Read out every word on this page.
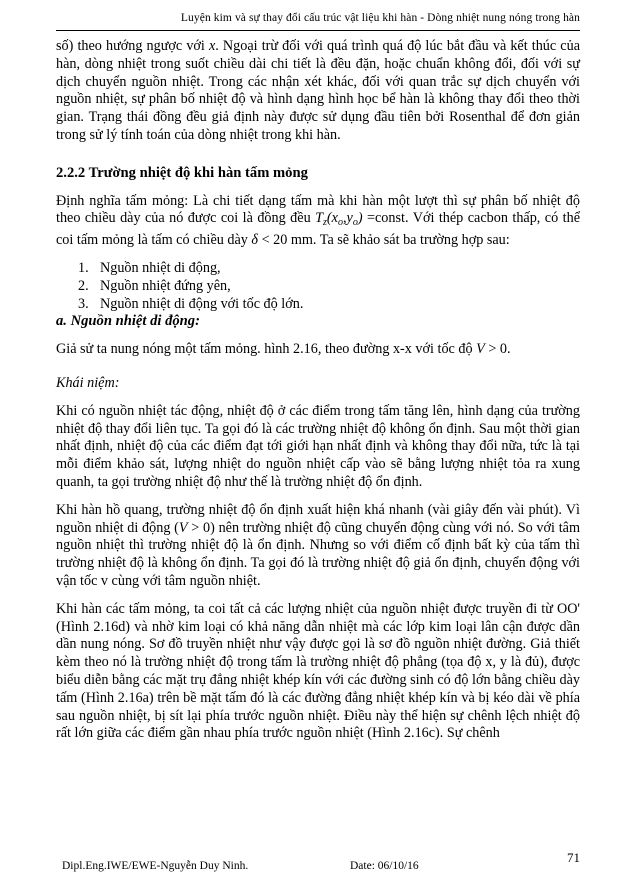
Luyện kim và sự thay đổi cấu trúc vật liệu khi hàn - Dòng nhiệt nung nóng trong hàn

số) theo hướng ngược với x. Ngoại trừ đối với quá trình quá độ lúc bắt đầu và kết thúc của hàn, dòng nhiệt trong suốt chiều dài chi tiết là đều đặn, hoặc chuẩn không đổi, đối với sự dịch chuyển nguồn nhiệt. Trong các nhận xét khác, đối với quan trắc sự dịch chuyển với nguồn nhiệt, sự phân bố nhiệt độ và hình dạng hình học bể hàn là không thay đổi theo thời gian. Trạng thái đồng đều giả định này được sử dụng đầu tiên bởi Rosenthal để đơn giản trong sử lý tính toán của dòng nhiệt trong khi hàn.

2.2.2 Trường nhiệt độ khi hàn tấm mỏng

Định nghĩa tấm mỏng: Là chi tiết dạng tấm mà khi hàn một lượt thì sự phân bố nhiệt độ theo chiều dày của nó được coi là đồng đều $T_z(x_o,y_o)$ =const. Với thép cacbon thấp, có thể coi tấm mỏng là tấm có chiều dày δ < 20 mm. Ta sẽ khảo sát ba trường hợp sau:

1. Nguồn nhiệt di động,
2. Nguồn nhiệt đứng yên,
3. Nguồn nhiệt di động với tốc độ lớn.

a. Nguồn nhiệt di động:

Giả sử ta nung nóng một tấm mỏng. hình 2.16, theo đường x-x với tốc độ V > 0.

Khái niệm:

Khi có nguồn nhiệt tác động, nhiệt độ ở các điểm trong tấm tăng lên, hình dạng của trường nhiệt độ thay đổi liên tục. Ta gọi đó là các trường nhiệt độ không ổn định. Sau một thời gian nhất định, nhiệt độ của các điểm đạt tới giới hạn nhất định và không thay đổi nữa, tức là tại mỗi điểm khảo sát, lượng nhiệt do nguồn nhiệt cấp vào sẽ bằng lượng nhiệt tỏa ra xung quanh, ta gọi trường nhiệt độ như thế là trường nhiệt độ ổn định.

Khi hàn hồ quang, trường nhiệt độ ổn định xuất hiện khá nhanh (vài giây đến vài phút). Vì nguồn nhiệt di động (V > 0) nên trường nhiệt độ cũng chuyển động cùng với nó. So với tâm nguồn nhiệt thì trường nhiệt độ là ổn định. Nhưng so với điểm cố định bất kỳ của tấm thì trường nhiệt độ là không ổn định. Ta gọi đó là trường nhiệt độ giả ổn định, chuyển động với vận tốc v cùng với tâm nguồn nhiệt.

Khi hàn các tấm mỏng, ta coi tất cả các lượng nhiệt của nguồn nhiệt được truyền đi từ OO' (Hình 2.16d) và nhờ kim loại có khả năng dẫn nhiệt mà các lớp kim loại lân cận được dần dần nung nóng. Sơ đồ truyền nhiệt như vậy được gọi là sơ đồ nguồn nhiệt đường. Giả thiết kèm theo nó là trường nhiệt độ trong tấm là trường nhiệt độ phẳng (tọa độ x, y là đủ), được biểu diễn bằng các mặt trụ đẳng nhiệt khép kín với các đường sinh có độ lớn bằng chiều dày tấm (Hình 2.16a) trên bề mặt tấm đó là các đường đẳng nhiệt khép kín và bị kéo dài về phía sau nguồn nhiệt, bị sít lại phía trước nguồn nhiệt. Điều này thể hiện sự chênh lệch nhiệt độ rất lớn giữa các điểm gần nhau phía trước nguồn nhiệt (Hình 2.16c). Sự chênh

Dipl.Eng.IWE/EWE-Nguyễn Duy Ninh.	Date: 06/10/16
71
